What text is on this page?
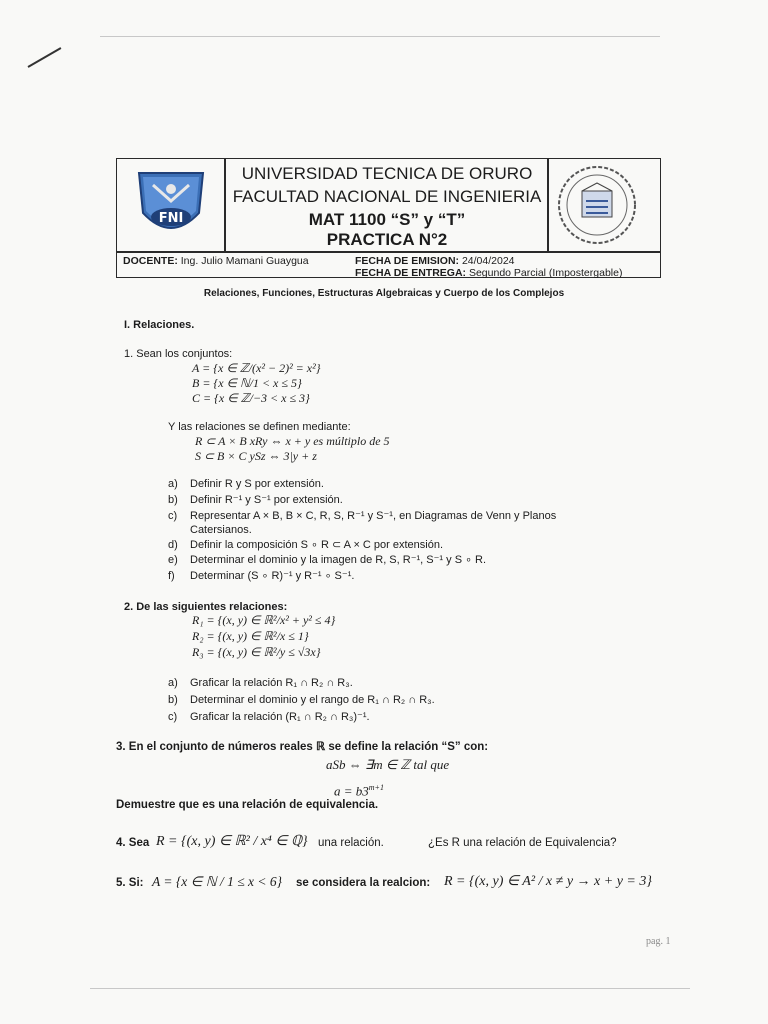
FNI
UNIVERSIDAD TECNICA DE ORURO
FACULTAD NACIONAL DE INGENIERIA
MAT 1100 “S” y “T”
PRACTICA N°2
DOCENTE: Ing. Julio Mamani Guaygua	FECHA DE EMISION: 24/04/2024
FECHA DE ENTREGA: Segundo Parcial (Impostergable)
Relaciones, Funciones, Estructuras Algebraicas y Cuerpo de los Complejos
I. Relaciones.
1. Sean los conjuntos:
A = {x ∈ ℤ/(x² − 2)² = x²}
B = {x ∈ ℕ/1 < x ≤ 5}
C = {x ∈ ℤ/−3 < x ≤ 3}
Y las relaciones se definen mediante:
R ⊂ A × B xRy ⇔ x + y es múltiplo de 5
S ⊂ B × C ySz ⇔ 3|y + z
a) Definir R y S por extensión.
b) Definir R⁻¹ y S⁻¹ por extensión.
c) Representar A × B, B × C, R, S, R⁻¹ y S⁻¹, en Diagramas de Venn y Planos
Catersianos.
d) Definir la composición S ∘ R ⊂ A × C por extensión.
e) Determinar el dominio y la imagen de R, S, R⁻¹, S⁻¹ y S ∘ R.
f) Determinar (S ∘ R)⁻¹ y R⁻¹ ∘ S⁻¹.
2. De las siguientes relaciones:
R₁ = {(x, y) ∈ ℝ²/x² + y² ≤ 4}
R₂ = {(x, y) ∈ ℝ²/x ≤ 1}
R₃ = {(x, y) ∈ ℝ²/y ≤ √3x}
a) Graficar la relación R₁ ∩ R₂ ∩ R₃.
b) Determinar el dominio y el rango de R₁ ∩ R₂ ∩ R₃.
c) Graficar la relación (R₁ ∩ R₂ ∩ R₃)⁻¹.
3. En el conjunto de números reales ℝ se define la relación “S” con:
aSb ⇔ ∃m ∈ ℤ tal que
$a = b3^{m+1}$
Demuestre que es una relación de equivalencia.
4. Sea R = {(x, y) ∈ ℝ² / x⁴ ∈ ℚ} una relación.	¿Es R una relación de Equivalencia?
5. Si: A = {x ∈ ℕ / 1 ≤ x < 6} se considera la realcion: R = {(x, y) ∈ A² / x ≠ y → x + y = 3}
pag. 1
